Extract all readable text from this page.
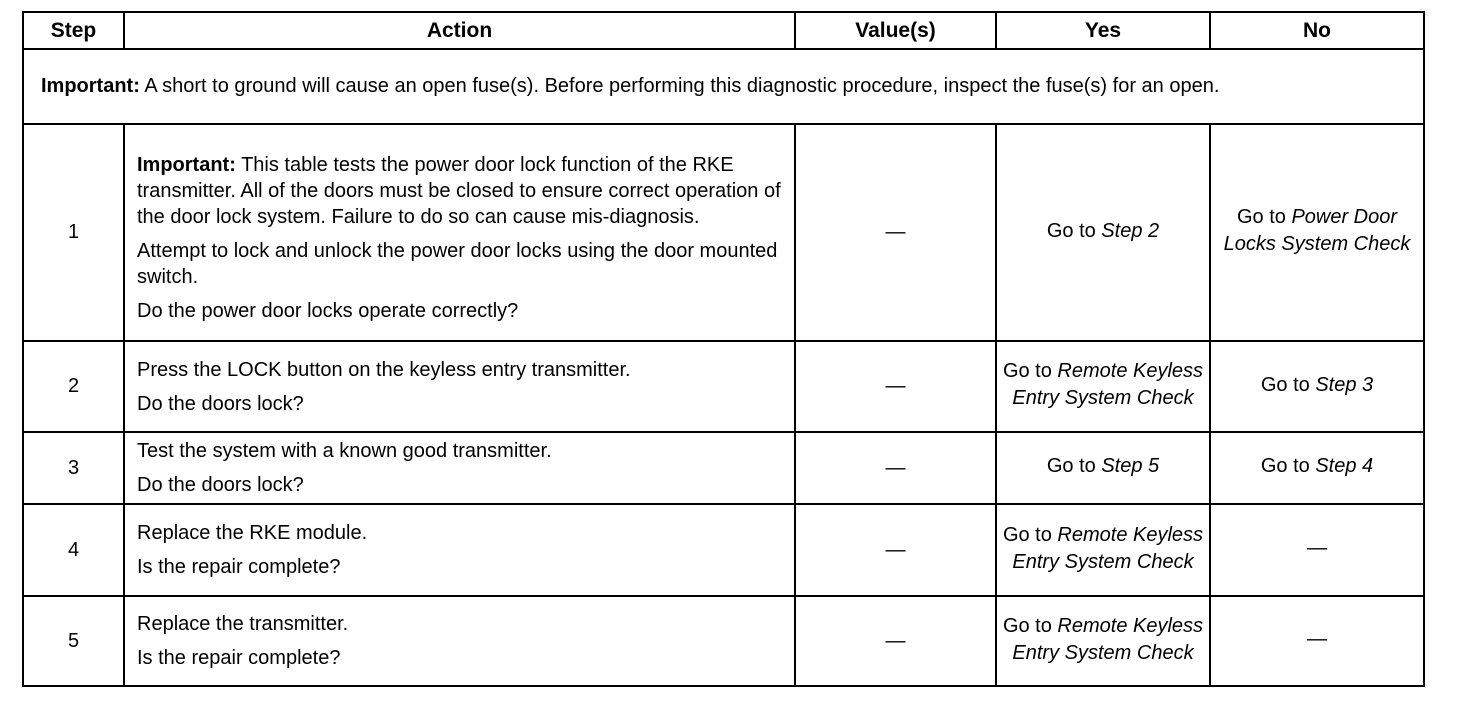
Step	Action	Value(s)	Yes	No
Important: A short to ground will cause an open fuse(s). Before performing this diagnostic procedure, inspect the fuse(s) for an open.				
1	Important: This table tests the power door lock function of the RKE transmitter. All of the doors must be closed to ensure correct operation of the door lock system. Failure to do so can cause mis-diagnosis.

Attempt to lock and unlock the power door locks using the door mounted switch.

Do the power door locks operate correctly?	—	Go to Step 2	Go to Power Door Locks System Check
2	Press the LOCK button on the keyless entry transmitter.

Do the doors lock?	—	Go to Remote Keyless Entry System Check	Go to Step 3
3	Test the system with a known good transmitter.

Do the doors lock?	—	Go to Step 5	Go to Step 4
4	Replace the RKE module.

Is the repair complete?	—	Go to Remote Keyless Entry System Check	—
5	Replace the transmitter.

Is the repair complete?	—	Go to Remote Keyless Entry System Check	—
